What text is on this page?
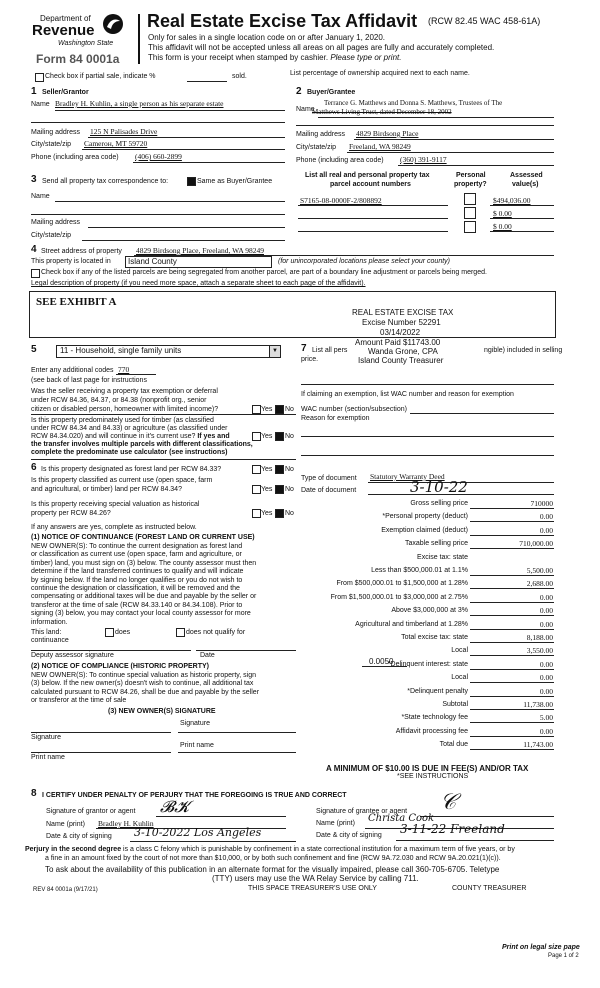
Department of
Revenue
Washington State
Form 84 0001a
Real Estate Excise Tax Affidavit (RCW 82.45 WAC 458-61A)
Only for sales in a single location code on or after January 1, 2020.
This affidavit will not be accepted unless all areas on all pages are fully and accurately completed.
This form is your receipt when stamped by cashier. Please type or print.
Check box if partial sale, indicate %	sold.	List percentage of ownership acquired next to each name.
1 Seller/Grantor
Name Bradley H. Kuhlin, a single person as his separate estate
Mailing address 125 N Palisades Drive
City/state/zip Camerон, MT 59720
Phone (including area code) (406) 660-2899
2 Buyer/Grantee
Name
Terrance G. Matthews and Donna S. Matthews, Trustees of The
Matthews Living Trust, dated December 18, 2002
Mailing address 4829 Birdsong Place
City/state/zip Freeland, WA 98249
Phone (including area code) (360) 391-9117
3 Send all property tax correspondence to:	Same as Buyer/Grantee
Name
Mailing address
City/state/zip
List all real and personal property tax
parcel account numbers
Personal
property?
Assessed
value(s)
S7165-08-0000F-2/808892	$494,036.00
$ 0.00
$ 0.00
4 Street address of property 4829 Birdsong Place, Freeland, WA 98249
This property is located in Island County	(for unincorporated locations please select your county)
Check box if any of the listed parcels are being segregated from another parcel, are part of a boundary line adjustment or parcels being merged.
Legal description of property (if you need more space, attach a separate sheet to each page of the affidavit).
SEE EXHIBIT A
REAL ESTATE EXCISE TAX
Excise Number 52291
03/14/2022
Amount Paid $11743.00
Wanda Grone, CPA
Island County Treasurer
5	11 - Household, single family units	▼
Enter any additional codes 770
(see back of last page for instructions
Was the seller receiving a property tax exemption or deferral
under RCW 84.36, 84.37, or 84.38 (nonprofit org., senior
citizen or disabled person, homeowner with limited income)?	Yes No
Is this property predominately used for timber (as classified
under RCW 84.34 and 84.33) or agriculture (as classified under
RCW 84.34.020) and will continue in it's current use? If yes and	Yes No
the transfer involves multiple parcels with different classifications,
complete the predominate use calculator (see instructions)
7 List all pers	ngible) included in selling
price.
If claiming an exemption, list WAC number and reason for exemption
WAC number (section/subsection)
Reason for exemption
6 Is this property designated as forest land per RCW 84.33?	Yes No
Is this property classified as current use (open space, farm
and agricultural, or timber) land per RCW 84.34?	Yes No
Is this property receiving special valuation as historical
property per RCW 84.26?	Yes No
If any answers are yes, complete as instructed below.
(1) NOTICE OF CONTINUANCE (FOREST LAND OR CURRENT USE)
NEW OWNER(S): To continue the current designation as forest land
or classification as current use (open space, farm and agriculture, or
timber) land, you must sign on (3) below. The county assessor must then
determine if the land transferred continues to qualify and will indicate
by signing below. If the land no longer qualifies or you do not wish to
continue the designation or classification, it will be removed and the
compensating or additional taxes will be due and payable by the seller or
transferor at the time of sale (RCW 84.33.140 or 84.34.108). Prior to
signing (3) below, you may contact your local county assessor for more
information.
This land:	does	does not qualify for
continuance
Deputy assessor signature	Date
(2) NOTICE OF COMPLIANCE (HISTORIC PROPERTY)
NEW OWNER(S): To continue special valuation as historic property, sign
(3) below. If the new owner(s) doesn't wish to continue, all additional tax
calculated pursuant to RCW 84.26, shall be due and payable by the seller
or transferor at the time of sale
(3) NEW OWNER(S) SIGNATURE
Signature
Signature
Print name
Print name
Type of document Statutory Warranty Deed
Date of document	3-10-22
Gross selling price	710000
*Personal property (deduct)	0.00
Exemption claimed (deduct)	0.00
Taxable selling price	710,000.00
Excise tax: state
Less than $500,000.01 at 1.1%	5,500.00
From $500,000.01 to $1,500,000 at 1.28%	2,688.00
From $1,500,000.01 to $3,000,000 at 2.75%	0.00
Above $3,000,000 at 3%	0.00
Agricultural and timberland at 1.28%	0.00
Total excise tax: state	8,188.00
Local	3,550.00
*Delinquent interest: state	0.00
Local	0.00
*Delinquent penalty	0.00
Subtotal	11,738.00
*State technology fee	5.00
Affidavit processing fee	0.00
Total due	11,743.00
0.0050
A MINIMUM OF $10.00 IS DUE IN FEE(S) AND/OR TAX
*SEE INSTRUCTIONS
8 I CERTIFY UNDER PENALTY OF PERJURY THAT THE FOREGOING IS TRUE AND CORRECT
Signature of grantor or agent 𝓑𝓚
Name (print) Bradley H. Kuhlin
Date & city of signing 3-10-2022 Los Angeles
Signature of grantee or agent 𝒞
Name (print) Christa Cook
Date & city of signing 3-11-22 Freeland
Perjury in the second degree is a class C felony which is punishable by confinement in a state correctional institution for a maximum term of five years, or by
a fine in an amount fixed by the court of not more than $10,000, or by both such confinement and fine (RCW 9A.72.030 and RCW 9A.20.021(1)(c)).
To ask about the availability of this publication in an alternate format for the visually impaired, please call 360-705-6705. Teletype
(TTY) users may use the WA Relay Service by calling 711.
REV 84 0001a (9/17/21)	THIS SPACE TREASURER'S USE ONLY	COUNTY TREASURER
Print on legal size pape
Page 1 of 2
